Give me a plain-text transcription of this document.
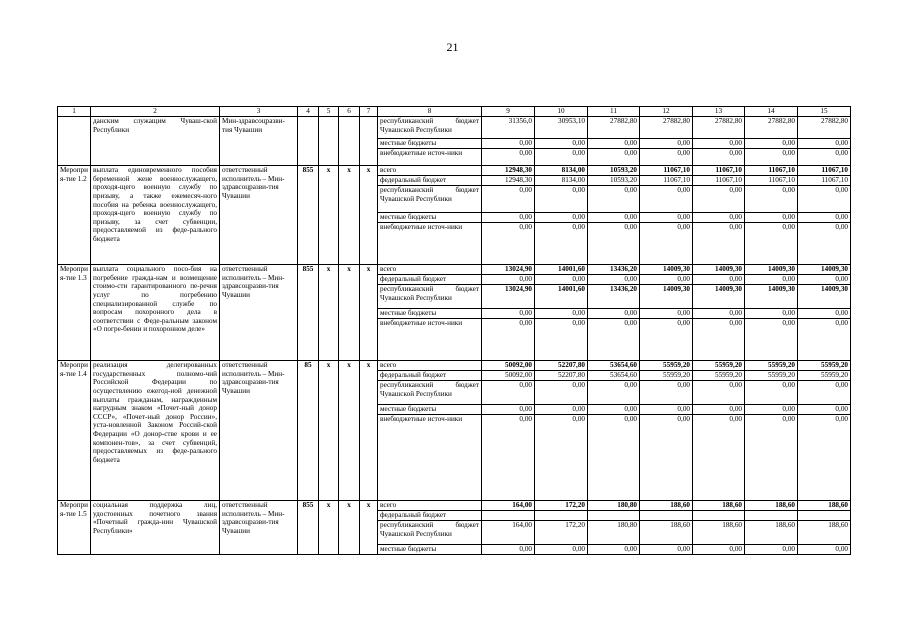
21
1	2	3	4	5	6	7	8	9	10	11	12	13	14	15
	данским служащим Чуваш-ской Республики	Мин-здравсоцразви-тия Чувашии					республиканский бюджет Чувашской Республики	31356,0	30953,10	27882,80	27882,80	27882,80	27882,80	27882,80
							местные бюджеты	0,00	0,00	0,00	0,00	0,00	0,00	0,00
							внебюджетные источ-ники	0,00	0,00	0,00	0,00	0,00	0,00	0,00
Мероприя-тие 1.2	выплата единовременного пособия беременной жене военнослужащего, проходя-щего военную службу по призыву, а также ежемесяч-ного пособия на ребенка военнослужащего, проходя-щего военную службу по призыву, за счет субвенции, предоставляемой из феде-рального бюджета	ответственный исполнитель – Мин-здравсоцразви-тия Чувашии	855	х	х	х	всего	12948,30	8134,00	10593,20	11067,10	11067,10	11067,10	11067,10
							федеральный бюджет	12948,30	8134,00	10593,20	11067,10	11067,10	11067,10	11067,10
							республиканский бюджет Чувашской Республики	0,00	0,00	0,00	0,00	0,00	0,00	0,00
							местные бюджеты	0,00	0,00	0,00	0,00	0,00	0,00	0,00
							внебюджетные источ-ники	0,00	0,00	0,00	0,00	0,00	0,00	0,00
Мероприя-тие 1.3	выплата социального посо-бия на погребение гражда-нам и возмещение стоимо-сти гарантированного пе-речня услуг по погребению специализированной службе по вопросам похоронного дела в соответствии с Феде-ральным законом «О погре-бении и похоронном деле»	ответственный исполнитель – Мин-здравсоцразви-тия Чувашии	855	х	х	х	всего	13024,90	14001,60	13436,20	14009,30	14009,30	14009,30	14009,30
							федеральный бюджет	0,00	0,00	0,00	0,00	0,00	0,00	0,00
							республиканский бюджет Чувашской Республики	13024,90	14001,60	13436,20	14009,30	14009,30	14009,30	14009,30
							местные бюджеты	0,00	0,00	0,00	0,00	0,00	0,00	0,00
							внебюджетные источ-ники	0,00	0,00	0,00	0,00	0,00	0,00	0,00
Мероприя-тие 1.4	реализация делегированных государственных полномо-чий Российской Федерации по осуществлению ежегод-ной денежной выплаты гражданам, награжденным нагрудным знаком «Почет-ный донор СССР», «Почет-ный донор России», уста-новленной Законом Россий-ской Федерации «О донор-стве крови и ее компонен-тов», за счет субвенций, предоставляемых из феде-рального бюджета	ответственный исполнитель – Мин-здравсоцразви-тия Чувашии	85	х	х	х	всего	50092,00	52207,80	53654,60	55959,20	55959,20	55959,20	55959,20
							федеральный бюджет	50092,00	52207,80	53654,60	55959,20	55959,20	55959,20	55959,20
							республиканский бюджет Чувашской Республики	0,00	0,00	0,00	0,00	0,00	0,00	0,00
							местные бюджеты	0,00	0,00	0,00	0,00	0,00	0,00	0,00
							внебюджетные источ-ники	0,00	0,00	0,00	0,00	0,00	0,00	0,00
Мероприя-тие 1.5	социальная поддержка лиц, удостоенных почетного звания «Почетный гражда-нин Чувашской Республики»	ответственный исполнитель – Мин-здравсоцразви-тия Чувашии	855	х	х	х	всего	164,00	172,20	180,80	188,60	188,60	188,60	188,60
							федеральный бюджет							
							республиканский бюджет Чувашской Республики	164,00	172,20	180,80	188,60	188,60	188,60	188,60
							местные бюджеты	0,00	0,00	0,00	0,00	0,00	0,00	0,00
